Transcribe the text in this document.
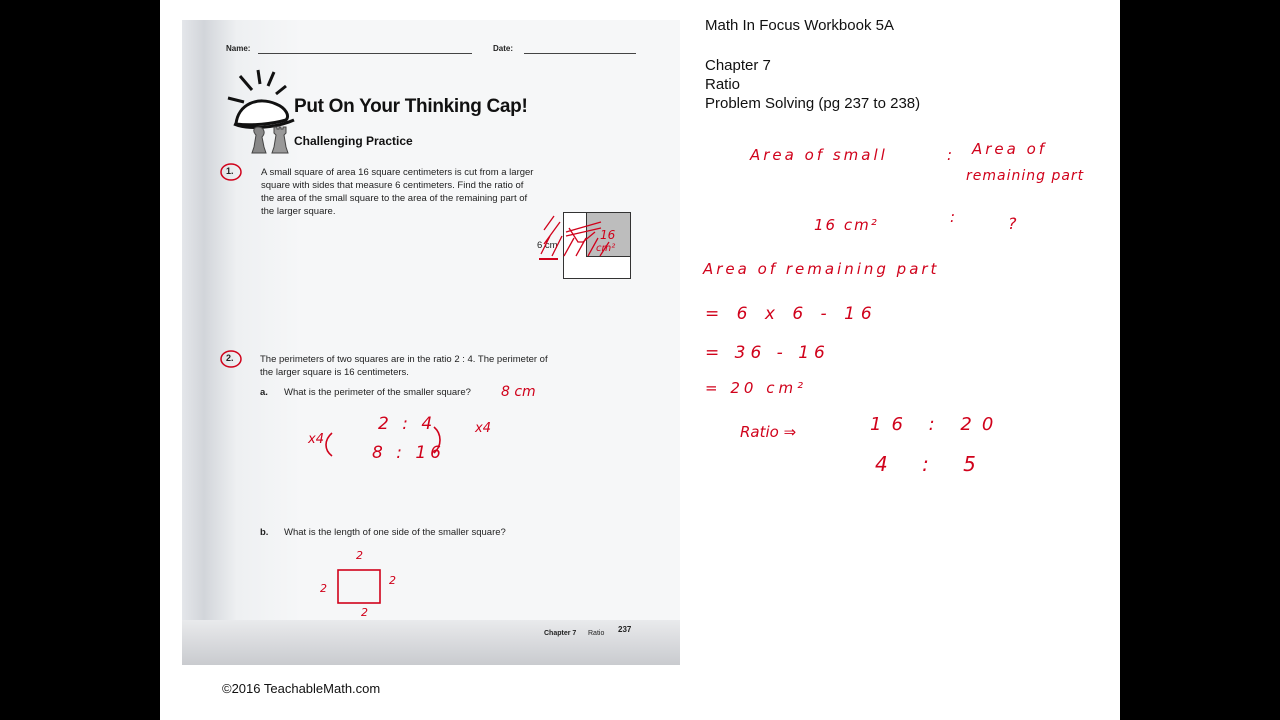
Name:	Date:
Put On Your Thinking Cap!
Challenging Practice
1.	A small square of area 16 square centimeters is cut from a larger
square with sides that measure 6 centimeters. Find the ratio of
the area of the small square to the area of the remaining part of
the larger square.
6 cm
2.	The perimeters of two squares are in the ratio 2 : 4. The perimeter of
the larger square is 16 centimeters.
a. What is the perimeter of the smaller square?
b. What is the length of one side of the smaller square?
Chapter 7 Ratio 237
Math In Focus Workbook 5A
Chapter 7
Ratio
Problem Solving (pg 237 to 238)
16
cm²
8 cm
x4
2 : 4
8 : 16
x4
2
2
2
2
Area of small	: Area of
remaining part
16 cm²	:	?
Area of remaining part
= 6 x 6 - 16
= 36 - 16
= 20 cm²
Ratio ⇒	16 : 20
4 : 5
©2016 TeachableMath.com
